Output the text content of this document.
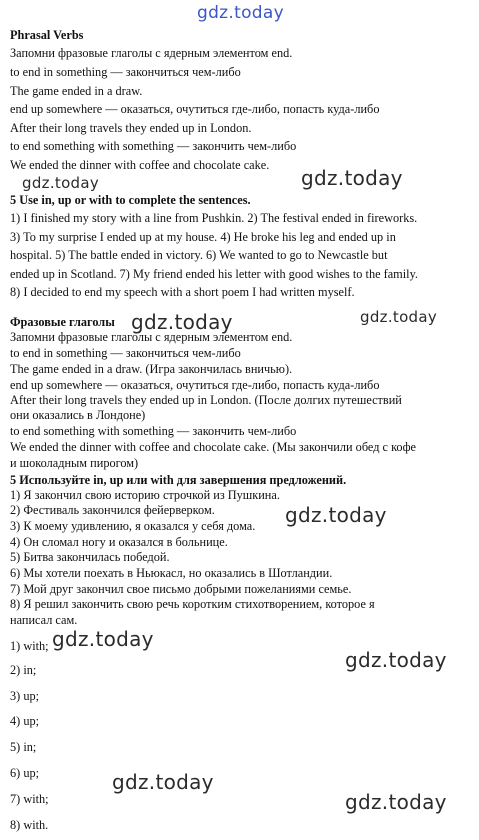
Phrasal Verbs
Запомни фразовые глаголы с ядерным элементом end.
to end in something — закончиться чем-либо
The game ended in a draw.
end up somewhere — оказаться, очутиться где-либо, попасть куда-либо
After their long travels they ended up in London.
to end something with something — закончить чем-либо
We ended the dinner with coffee and chocolate cake.
5 Use in, up or with to complete the sentences.
1) I finished my story with a line from Pushkin. 2) The festival ended in fireworks.
3) To my surprise I ended up at my house. 4) He broke his leg and ended up in
hospital. 5) The battle ended in victory. 6) We wanted to go to Newcastle but
ended up in Scotland. 7) My friend ended his letter with good wishes to the family.
8) I decided to end my speech with a short poem I had written myself.
Фразовые глаголы
Запомни фразовые глаголы с ядерным элементом end.
to end in something — закончиться чем-либо
The game ended in a draw. (Игра закончилась вничью).
end up somewhere — оказаться, очутиться где-либо, попасть куда-либо
After their long travels they ended up in London. (После долгих путешествий
они оказались в Лондоне)
to end something with something — закончить чем-либо
We ended the dinner with coffee and chocolate cake. (Мы закончили обед с кофе
и шоколадным пирогом)
5 Используйте in, up или with для завершения предложений.
1) Я закончил свою историю строчкой из Пушкина.
2) Фестиваль закончился фейерверком.
3) К моему удивлению, я оказался у себя дома.
4) Он сломал ногу и оказался в больнице.
5) Битва закончилась победой.
6) Мы хотели поехать в Ньюкасл, но оказались в Шотландии.
7) Мой друг закончил свое письмо добрыми пожеланиями семье.
8) Я решил закончить свою речь коротким стихотворением, которое я
написал сам.
1) with;
2) in;
3) up;
4) up;
5) in;
6) up;
7) with;
8) with.
gdz.today
gdz.today	gdz.today
gdz.today	gdz.today
gdz.today
gdz.today
gdz.today
gdz.today
gdz.today
